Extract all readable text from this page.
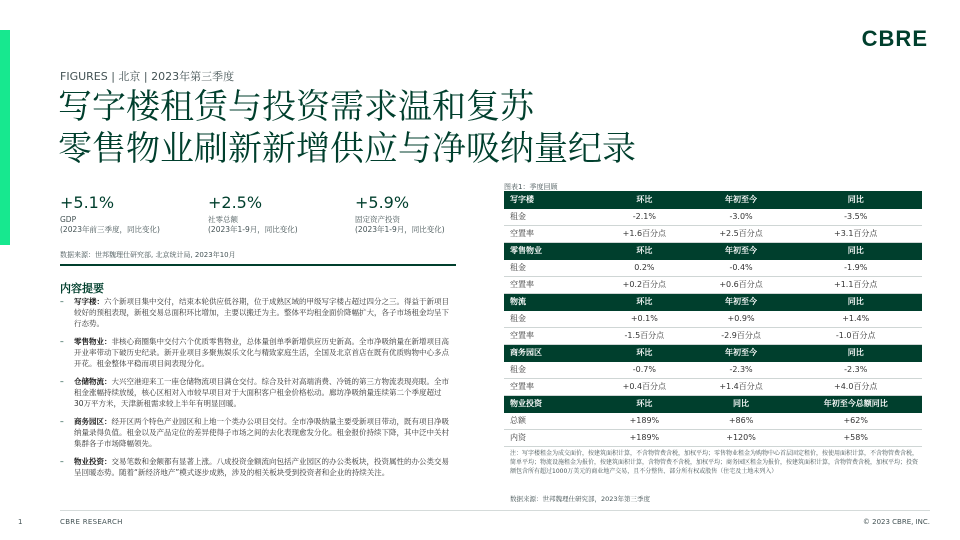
CBRE
FIGURES | 北京 | 2023年第三季度
写字楼租赁与投资需求温和复苏
零售物业刷新新增供应与净吸纳量纪录
+5.1%
GDP
(2023年前三季度，同比变化)
+2.5%
社零总额
(2023年1-9月，同比变化)
+5.9%
固定资产投资
(2023年1-9月，同比变化)
数据来源：世邦魏理仕研究部, 北京统计局, 2023年10月
内容提要
– 写字楼：六个新项目集中交付，结束本轮供应低谷期，位于成熟区域的甲级写字楼占超过四分之三。得益于新项目较好的预租表现，新租交易总面积环比增加，主要以搬迁为主。整体平均租金面价降幅扩大，各子市场租金均呈下行态势。
– 零售物业：非核心商圈集中交付六个优质零售物业，总体量创单季新增供应历史新高。全市净吸纳量在新增项目高开业率带动下破历史纪录。新开业项目多聚焦娱乐文化与精致家庭生活，全国及北京首店在既有优质购物中心多点开花。租金整体平稳而项目间表现分化。
– 仓储物流：大兴空港迎来工一座仓储物流项目满仓交付。综合及针对高端消费、冷链的第三方物流表现亮眼。全市租金涨幅持续放缓，核心区相对入市较早项目对于大面积客户租金价格松动。廊坊净吸纳量连续第二个季度超过30万平方米，天津新租需求较上半年有明显回暖。
– 商务园区：经开区两个特色产业园区和上地一个类办公项目交付。全市净吸纳量主要受新项目带动，既有项目净吸纳量录得负值。租金以及产品定位的差异使得子市场之间的去化表现愈发分化。租金报价持续下降，其中泛中关村集群各子市场降幅领先。
– 物业投资：交易笔数和金额都有显著上涨。八成投资金额流向包括产业园区的办公类板块，投资属性的办公类交易呈回暖态势。随着“新经济地产”模式逐步成熟，涉及的相关板块受到投资者和企业的持续关注。
图表1：季度回顾
写字楼	环比	年初至今	同比
租金	-2.1%	-3.0%	-3.5%
空置率	+1.6百分点	+2.5百分点	+3.1百分点
零售物业	环比	年初至今	同比
租金	0.2%	-0.4%	-1.9%
空置率	+0.2百分点	+0.6百分点	+1.1百分点
物流	环比	年初至今	同比
租金	+0.1%	+0.9%	+1.4%
空置率	-1.5百分点	-2.9百分点	-1.0百分点
商务园区	环比	年初至今	同比
租金	-0.7%	-2.3%	-2.3%
空置率	+0.4百分点	+1.4百分点	+4.0百分点
物业投资	环比	同比	年初至今总额同比
总额	+189%	+86%	+62%
内资	+189%	+120%	+58%
注：写字楼租金为成交面价，按建筑面积计算，不含物管费含税，加权平均；零售物业租金为购物中心首层固定租价，按使用面积计算，不含物管费含税，简单平均；物流设施租金为报价，按建筑面积计算，含物管费不含税，加权平均；商务园区租金为报价，按建筑面积计算，含物管费含税，加权平均；投资额包含所有超过1000万美元的商业地产交易，且不分整售、部分所有权或股售（住宅及土地未列入）
数据来源：世邦魏理仕研究部，2023年第三季度
1	CBRE RESEARCH	© 2023 CBRE, INC.
